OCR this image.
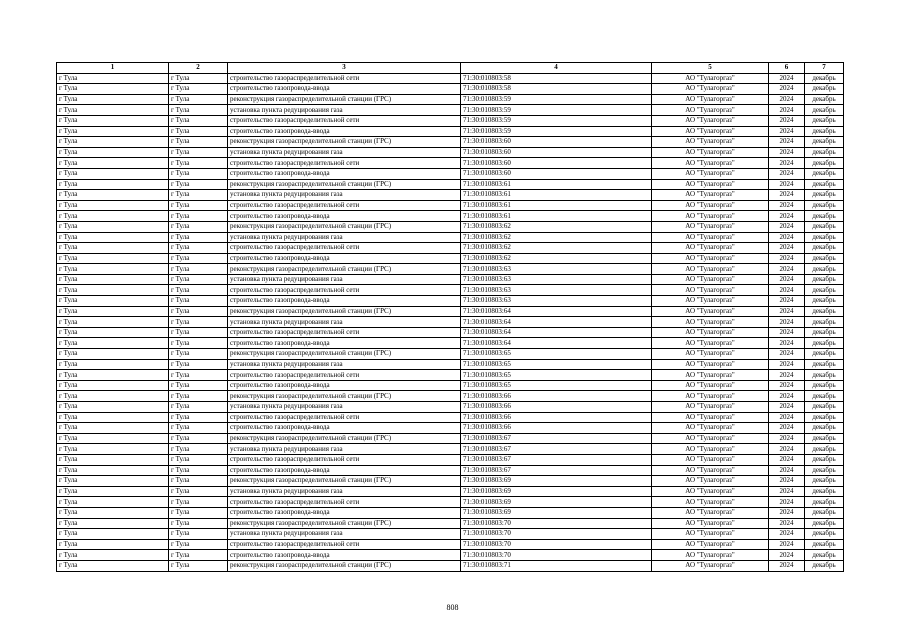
1	2	3	4	5	6	7
г Тула	г Тула	строительство газораспределительной сети	71:30:010803:58	АО "Тулагоргаз"	2024	декабрь
г Тула	г Тула	строительство газопровода-ввода	71:30:010803:58	АО "Тулагоргаз"	2024	декабрь
г Тула	г Тула	реконструкция газораспределительной станции (ГРС)	71:30:010803:59	АО "Тулагоргаз"	2024	декабрь
г Тула	г Тула	установка пункта редуцирования газа	71:30:010803:59	АО "Тулагоргаз"	2024	декабрь
г Тула	г Тула	строительство газораспределительной сети	71:30:010803:59	АО "Тулагоргаз"	2024	декабрь
г Тула	г Тула	строительство газопровода-ввода	71:30:010803:59	АО "Тулагоргаз"	2024	декабрь
г Тула	г Тула	реконструкция газораспределительной станции (ГРС)	71:30:010803:60	АО "Тулагоргаз"	2024	декабрь
г Тула	г Тула	установка пункта редуцирования газа	71:30:010803:60	АО "Тулагоргаз"	2024	декабрь
г Тула	г Тула	строительство газораспределительной сети	71:30:010803:60	АО "Тулагоргаз"	2024	декабрь
г Тула	г Тула	строительство газопровода-ввода	71:30:010803:60	АО "Тулагоргаз"	2024	декабрь
г Тула	г Тула	реконструкция газораспределительной станции (ГРС)	71:30:010803:61	АО "Тулагоргаз"	2024	декабрь
г Тула	г Тула	установка пункта редуцирования газа	71:30:010803:61	АО "Тулагоргаз"	2024	декабрь
г Тула	г Тула	строительство газораспределительной сети	71:30:010803:61	АО "Тулагоргаз"	2024	декабрь
г Тула	г Тула	строительство газопровода-ввода	71:30:010803:61	АО "Тулагоргаз"	2024	декабрь
г Тула	г Тула	реконструкция газораспределительной станции (ГРС)	71:30:010803:62	АО "Тулагоргаз"	2024	декабрь
г Тула	г Тула	установка пункта редуцирования газа	71:30:010803:62	АО "Тулагоргаз"	2024	декабрь
г Тула	г Тула	строительство газораспределительной сети	71:30:010803:62	АО "Тулагоргаз"	2024	декабрь
г Тула	г Тула	строительство газопровода-ввода	71:30:010803:62	АО "Тулагоргаз"	2024	декабрь
г Тула	г Тула	реконструкция газораспределительной станции (ГРС)	71:30:010803:63	АО "Тулагоргаз"	2024	декабрь
г Тула	г Тула	установка пункта редуцирования газа	71:30:010803:63	АО "Тулагоргаз"	2024	декабрь
г Тула	г Тула	строительство газораспределительной сети	71:30:010803:63	АО "Тулагоргаз"	2024	декабрь
г Тула	г Тула	строительство газопровода-ввода	71:30:010803:63	АО "Тулагоргаз"	2024	декабрь
г Тула	г Тула	реконструкция газораспределительной станции (ГРС)	71:30:010803:64	АО "Тулагоргаз"	2024	декабрь
г Тула	г Тула	установка пункта редуцирования газа	71:30:010803:64	АО "Тулагоргаз"	2024	декабрь
г Тула	г Тула	строительство газораспределительной сети	71:30:010803:64	АО "Тулагоргаз"	2024	декабрь
г Тула	г Тула	строительство газопровода-ввода	71:30:010803:64	АО "Тулагоргаз"	2024	декабрь
г Тула	г Тула	реконструкция газораспределительной станции (ГРС)	71:30:010803:65	АО "Тулагоргаз"	2024	декабрь
г Тула	г Тула	установка пункта редуцирования газа	71:30:010803:65	АО "Тулагоргаз"	2024	декабрь
г Тула	г Тула	строительство газораспределительной сети	71:30:010803:65	АО "Тулагоргаз"	2024	декабрь
г Тула	г Тула	строительство газопровода-ввода	71:30:010803:65	АО "Тулагоргаз"	2024	декабрь
г Тула	г Тула	реконструкция газораспределительной станции (ГРС)	71:30:010803:66	АО "Тулагоргаз"	2024	декабрь
г Тула	г Тула	установка пункта редуцирования газа	71:30:010803:66	АО "Тулагоргаз"	2024	декабрь
г Тула	г Тула	строительство газораспределительной сети	71:30:010803:66	АО "Тулагоргаз"	2024	декабрь
г Тула	г Тула	строительство газопровода-ввода	71:30:010803:66	АО "Тулагоргаз"	2024	декабрь
г Тула	г Тула	реконструкция газораспределительной станции (ГРС)	71:30:010803:67	АО "Тулагоргаз"	2024	декабрь
г Тула	г Тула	установка пункта редуцирования газа	71:30:010803:67	АО "Тулагоргаз"	2024	декабрь
г Тула	г Тула	строительство газораспределительной сети	71:30:010803:67	АО "Тулагоргаз"	2024	декабрь
г Тула	г Тула	строительство газопровода-ввода	71:30:010803:67	АО "Тулагоргаз"	2024	декабрь
г Тула	г Тула	реконструкция газораспределительной станции (ГРС)	71:30:010803:69	АО "Тулагоргаз"	2024	декабрь
г Тула	г Тула	установка пункта редуцирования газа	71:30:010803:69	АО "Тулагоргаз"	2024	декабрь
г Тула	г Тула	строительство газораспределительной сети	71:30:010803:69	АО "Тулагоргаз"	2024	декабрь
г Тула	г Тула	строительство газопровода-ввода	71:30:010803:69	АО "Тулагоргаз"	2024	декабрь
г Тула	г Тула	реконструкция газораспределительной станции (ГРС)	71:30:010803:70	АО "Тулагоргаз"	2024	декабрь
г Тула	г Тула	установка пункта редуцирования газа	71:30:010803:70	АО "Тулагоргаз"	2024	декабрь
г Тула	г Тула	строительство газораспределительной сети	71:30:010803:70	АО "Тулагоргаз"	2024	декабрь
г Тула	г Тула	строительство газопровода-ввода	71:30:010803:70	АО "Тулагоргаз"	2024	декабрь
г Тула	г Тула	реконструкция газораспределительной станции (ГРС)	71:30:010803:71	АО "Тулагоргаз"	2024	декабрь
808
